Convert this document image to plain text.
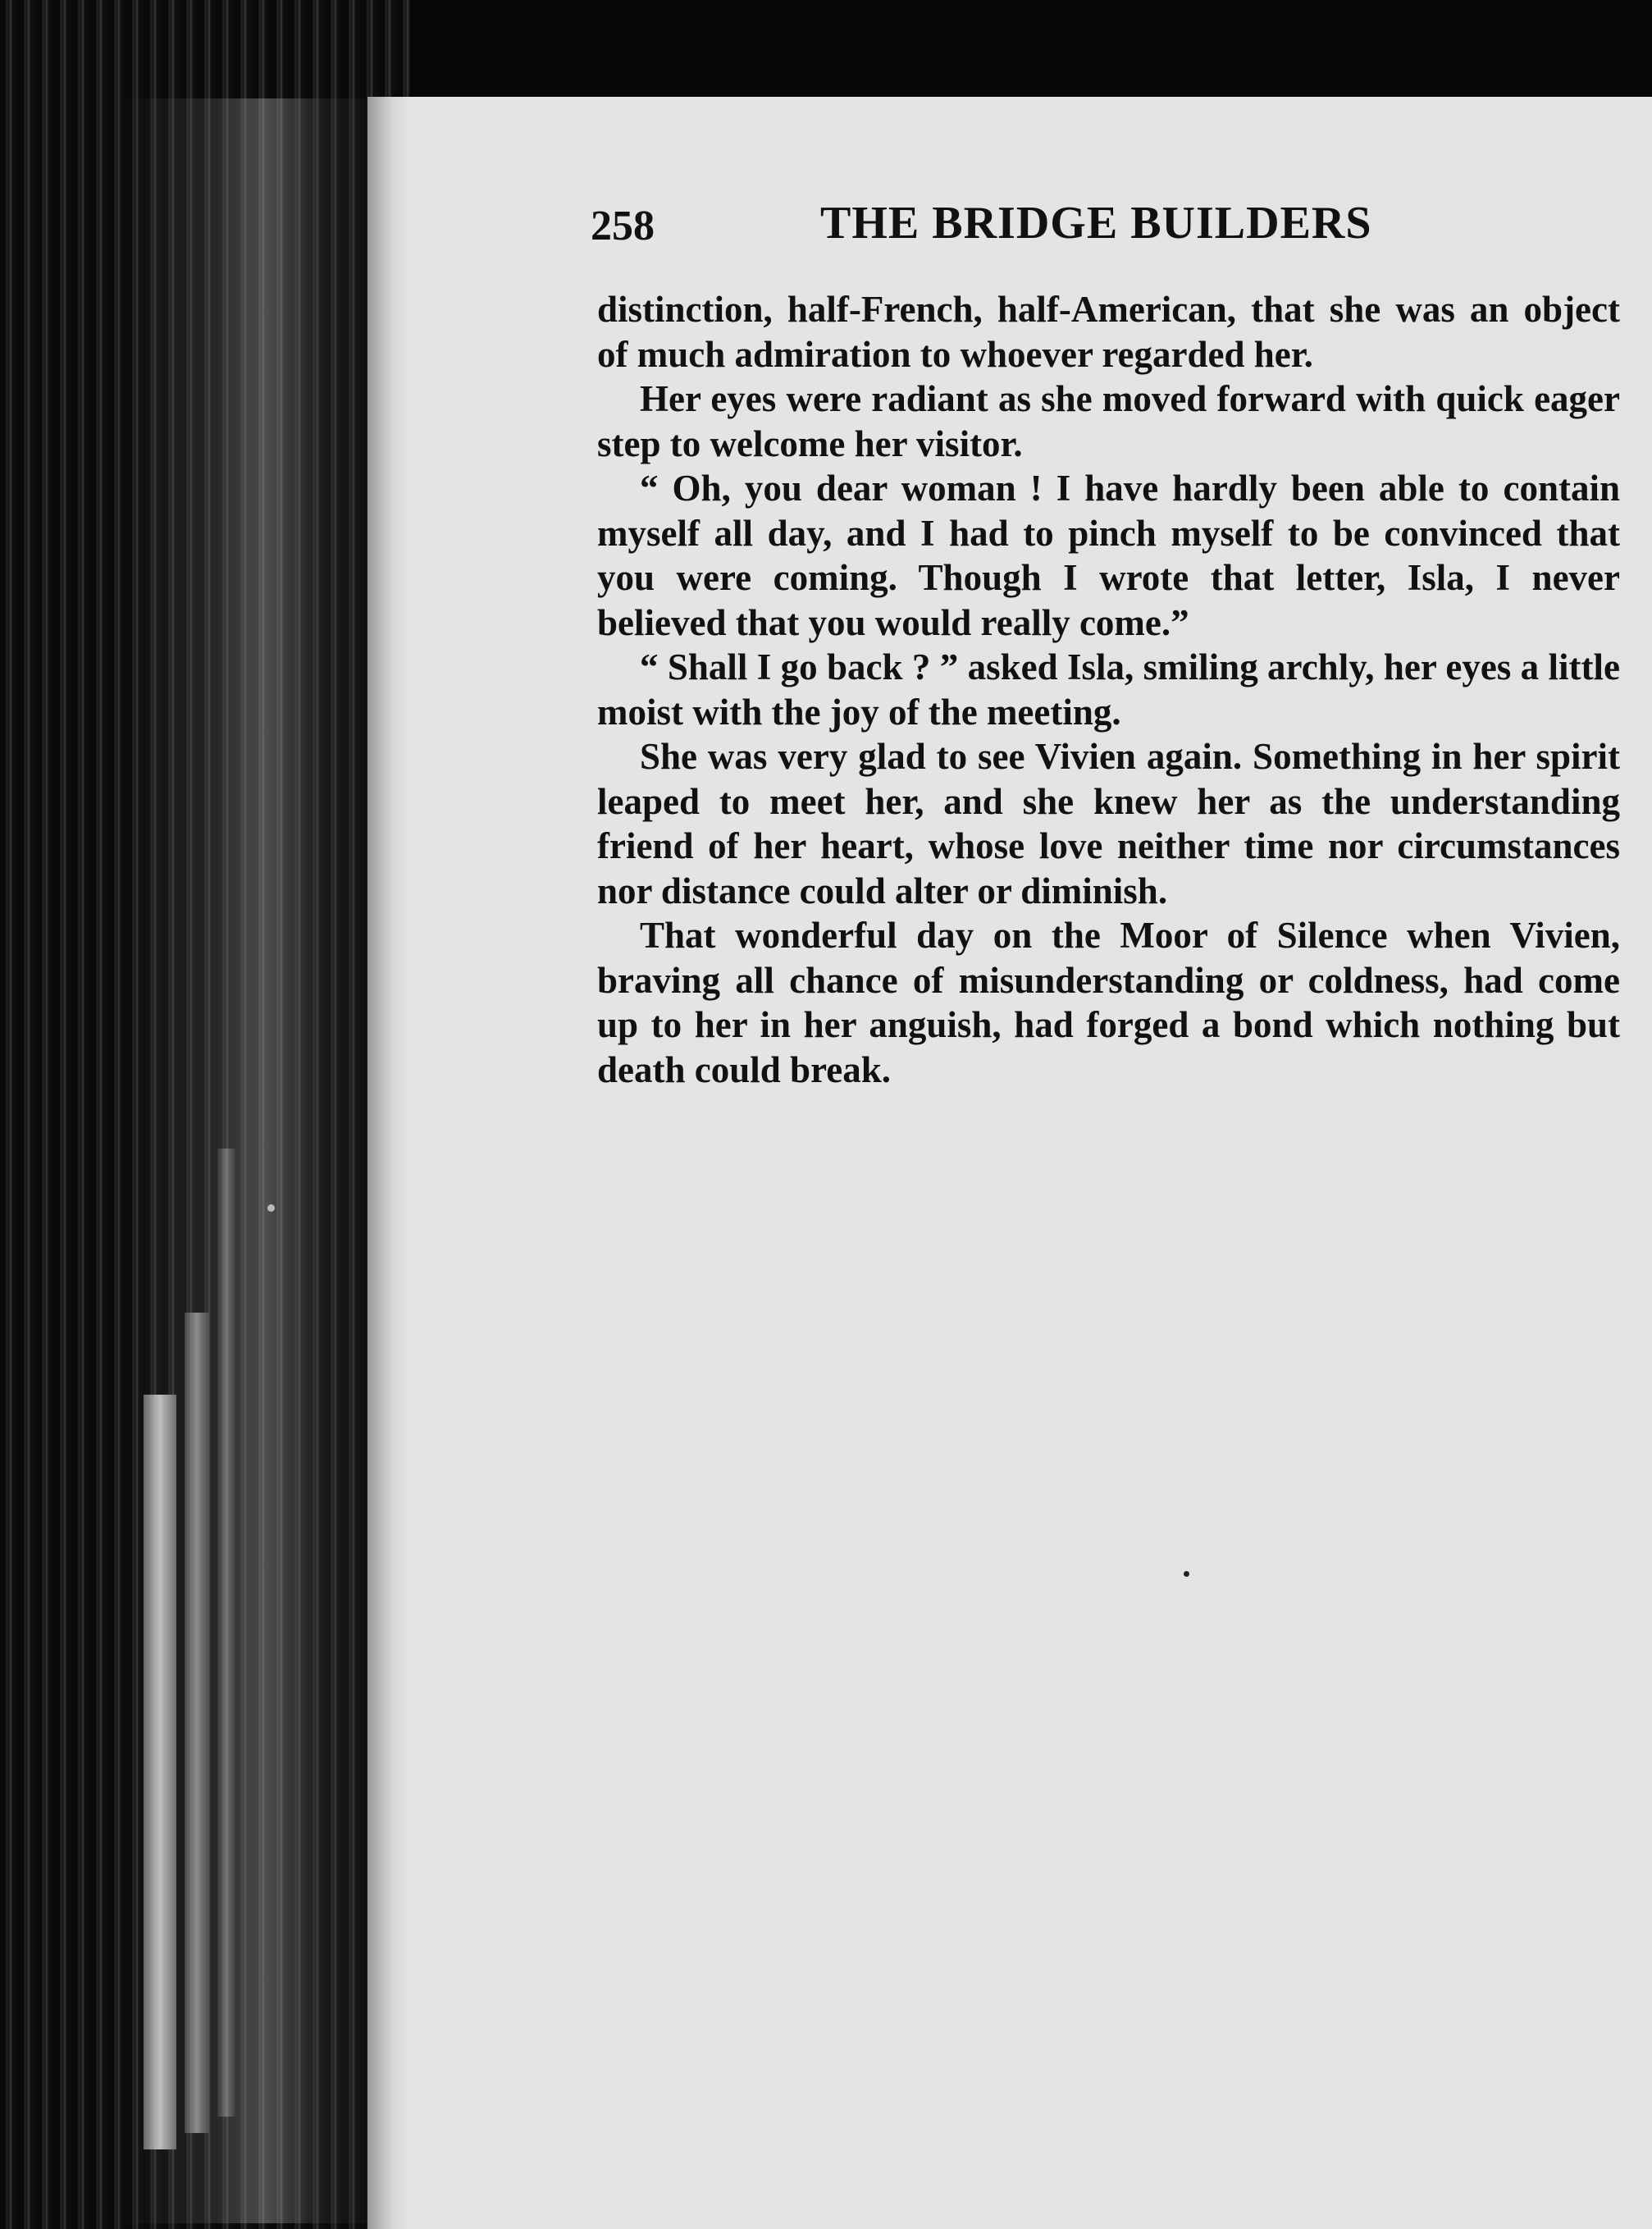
258	THE BRIDGE BUILDERS

distinction, half-French, half-American, that she was an object of much admiration to whoever regarded her.

Her eyes were radiant as she moved forward with quick eager step to welcome her visitor.

“ Oh, you dear woman ! I have hardly been able to contain myself all day, and I had to pinch myself to be convinced that you were coming. Though I wrote that letter, Isla, I never believed that you would really come.”

“ Shall I go back ? ” asked Isla, smiling archly, her eyes a little moist with the joy of the meeting.

She was very glad to see Vivien again. Something in her spirit leaped to meet her, and she knew her as the understanding friend of her heart, whose love neither time nor circumstances nor distance could alter or diminish.

That wonderful day on the Moor of Silence when Vivien, braving all chance of misunderstanding or coldness, had come up to her in her anguish, had forged a bond which nothing but death could break.
